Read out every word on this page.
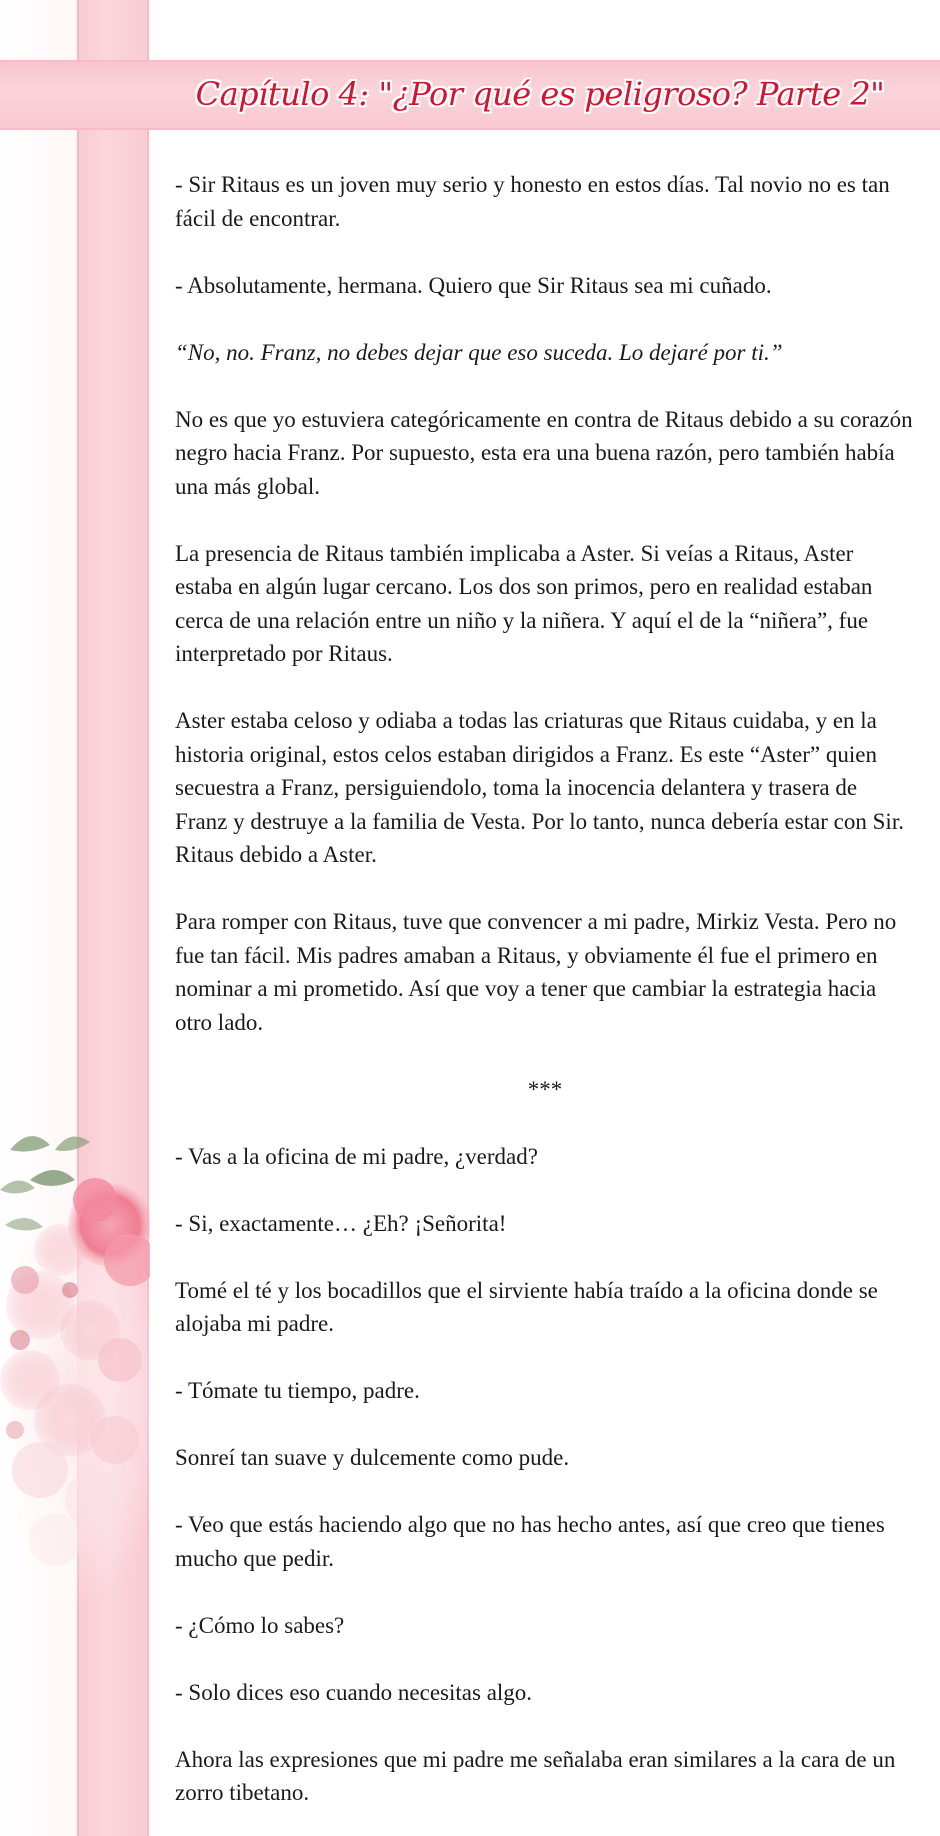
Capítulo 4: "¿Por qué es peligroso? Parte 2"

- Sir Ritaus es un joven muy serio y honesto en estos días. Tal novio no es tan fácil de encontrar.

- Absolutamente, hermana. Quiero que Sir Ritaus sea mi cuñado.

“No, no. Franz, no debes dejar que eso suceda. Lo dejaré por ti.”

No es que yo estuviera categóricamente en contra de Ritaus debido a su corazón negro hacia Franz. Por supuesto, esta era una buena razón, pero también había una más global.

La presencia de Ritaus también implicaba a Aster. Si veías a Ritaus, Aster estaba en algún lugar cercano. Los dos son primos, pero en realidad estaban cerca de una relación entre un niño y la niñera. Y aquí el de la “niñera”, fue interpretado por Ritaus.

Aster estaba celoso y odiaba a todas las criaturas que Ritaus cuidaba, y en la historia original, estos celos estaban dirigidos a Franz. Es este “Aster” quien secuestra a Franz, persiguiendolo, toma la inocencia delantera y trasera de Franz y destruye a la familia de Vesta. Por lo tanto, nunca debería estar con Sir. Ritaus debido a Aster.

Para romper con Ritaus, tuve que convencer a mi padre, Mirkiz Vesta. Pero no fue tan fácil. Mis padres amaban a Ritaus, y obviamente él fue el primero en nominar a mi prometido. Así que voy a tener que cambiar la estrategia hacia otro lado.

***

- Vas a la oficina de mi padre, ¿verdad?

- Si, exactamente… ¿Eh? ¡Señorita!

Tomé el té y los bocadillos que el sirviente había traído a la oficina donde se alojaba mi padre.

- Tómate tu tiempo, padre.

Sonreí tan suave y dulcemente como pude.

- Veo que estás haciendo algo que no has hecho antes, así que creo que tienes mucho que pedir.

- ¿Cómo lo sabes?

- Solo dices eso cuando necesitas algo.

Ahora las expresiones que mi padre me señalaba eran similares a la cara de un zorro tibetano.
